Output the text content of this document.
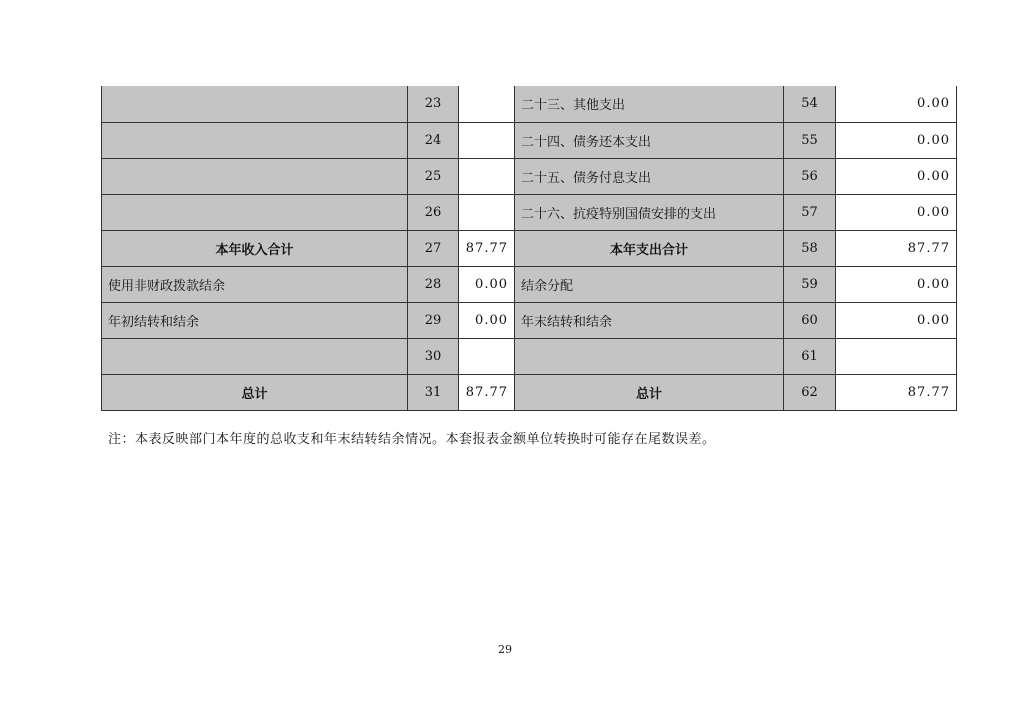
	23		二十三、其他支出	54	0.00
	24		二十四、债务还本支出	55	0.00
	25		二十五、债务付息支出	56	0.00
	26		二十六、抗疫特别国债安排的支出	57	0.00
本年收入合计	27	87.77	本年支出合计	58	87.77
使用非财政拨款结余	28	0.00	结余分配	59	0.00
年初结转和结余	29	0.00	年末结转和结余	60	0.00
	30			61	
总计	31	87.77	总计	62	87.77
注：本表反映部门本年度的总收支和年末结转结余情况。本套报表金额单位转换时可能存在尾数误差。
29
